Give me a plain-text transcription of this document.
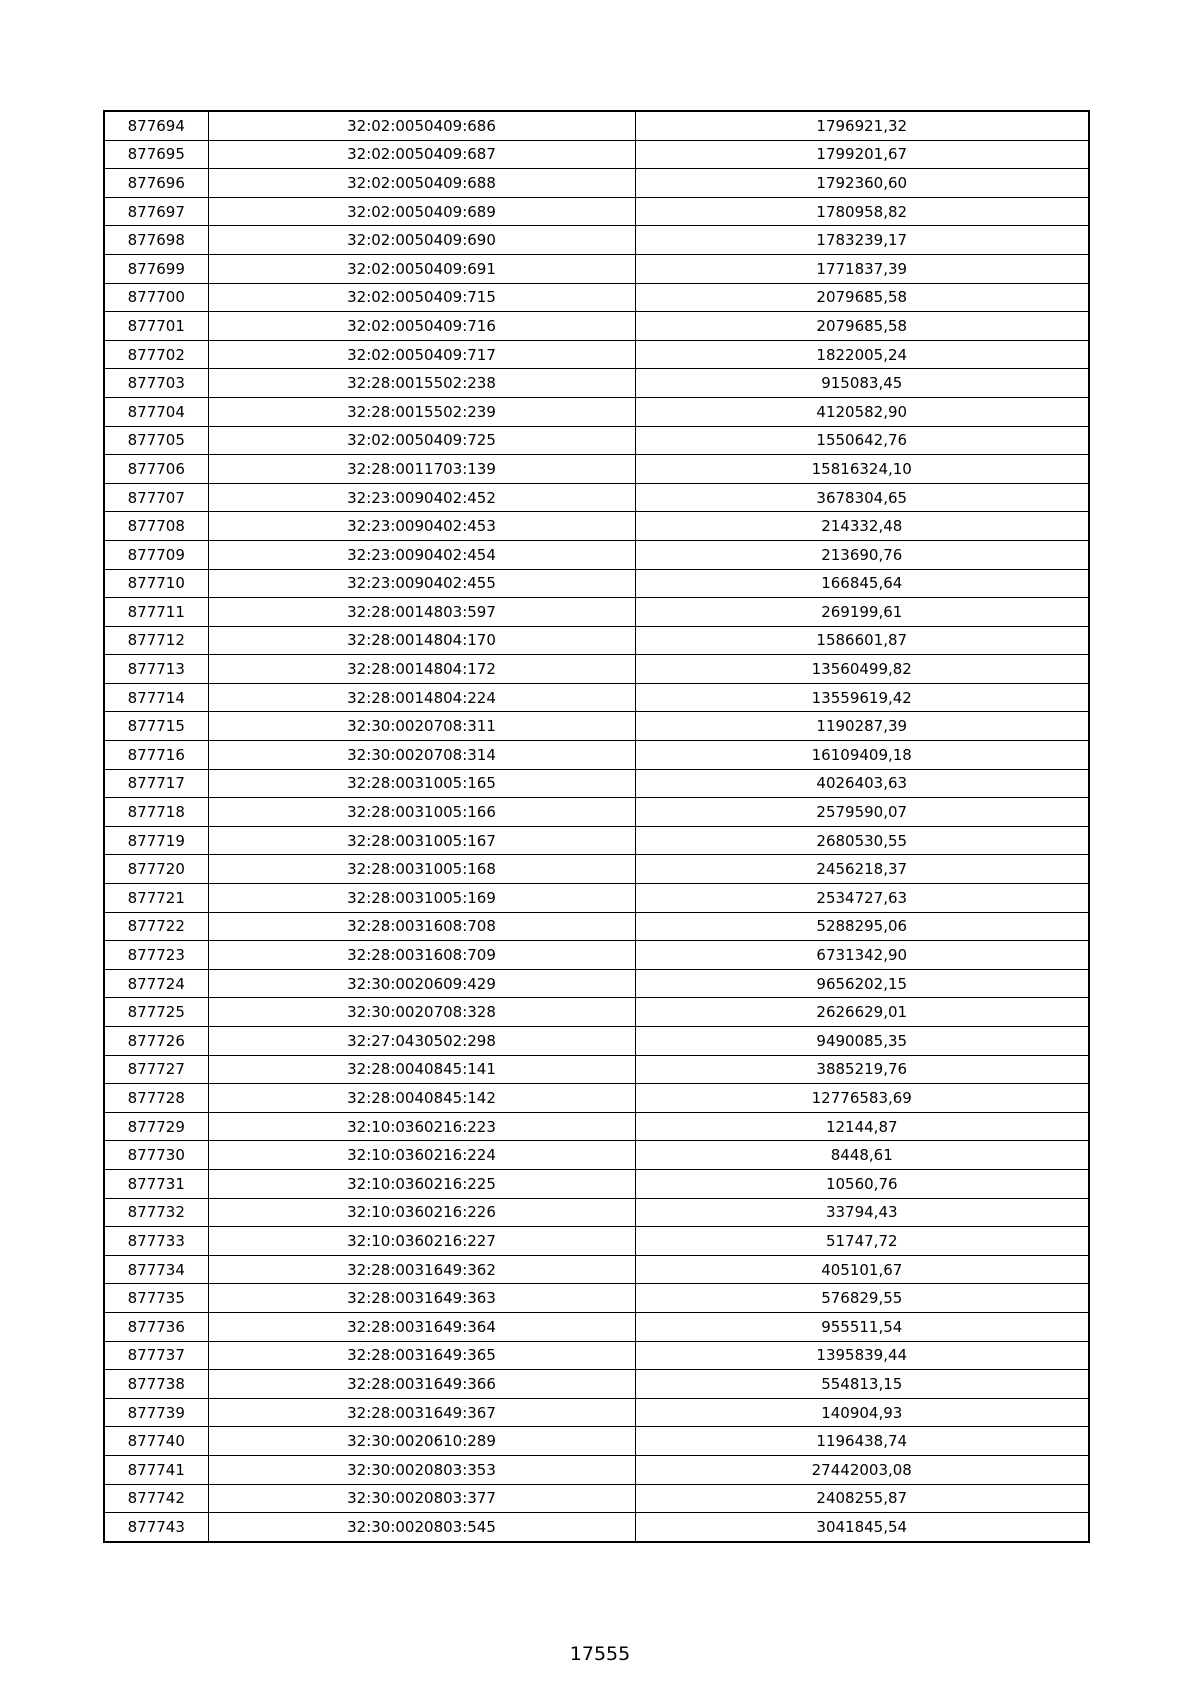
877694	32:02:0050409:686	1796921,32
877695	32:02:0050409:687	1799201,67
877696	32:02:0050409:688	1792360,60
877697	32:02:0050409:689	1780958,82
877698	32:02:0050409:690	1783239,17
877699	32:02:0050409:691	1771837,39
877700	32:02:0050409:715	2079685,58
877701	32:02:0050409:716	2079685,58
877702	32:02:0050409:717	1822005,24
877703	32:28:0015502:238	915083,45
877704	32:28:0015502:239	4120582,90
877705	32:02:0050409:725	1550642,76
877706	32:28:0011703:139	15816324,10
877707	32:23:0090402:452	3678304,65
877708	32:23:0090402:453	214332,48
877709	32:23:0090402:454	213690,76
877710	32:23:0090402:455	166845,64
877711	32:28:0014803:597	269199,61
877712	32:28:0014804:170	1586601,87
877713	32:28:0014804:172	13560499,82
877714	32:28:0014804:224	13559619,42
877715	32:30:0020708:311	1190287,39
877716	32:30:0020708:314	16109409,18
877717	32:28:0031005:165	4026403,63
877718	32:28:0031005:166	2579590,07
877719	32:28:0031005:167	2680530,55
877720	32:28:0031005:168	2456218,37
877721	32:28:0031005:169	2534727,63
877722	32:28:0031608:708	5288295,06
877723	32:28:0031608:709	6731342,90
877724	32:30:0020609:429	9656202,15
877725	32:30:0020708:328	2626629,01
877726	32:27:0430502:298	9490085,35
877727	32:28:0040845:141	3885219,76
877728	32:28:0040845:142	12776583,69
877729	32:10:0360216:223	12144,87
877730	32:10:0360216:224	8448,61
877731	32:10:0360216:225	10560,76
877732	32:10:0360216:226	33794,43
877733	32:10:0360216:227	51747,72
877734	32:28:0031649:362	405101,67
877735	32:28:0031649:363	576829,55
877736	32:28:0031649:364	955511,54
877737	32:28:0031649:365	1395839,44
877738	32:28:0031649:366	554813,15
877739	32:28:0031649:367	140904,93
877740	32:30:0020610:289	1196438,74
877741	32:30:0020803:353	27442003,08
877742	32:30:0020803:377	2408255,87
877743	32:30:0020803:545	3041845,54
17555
